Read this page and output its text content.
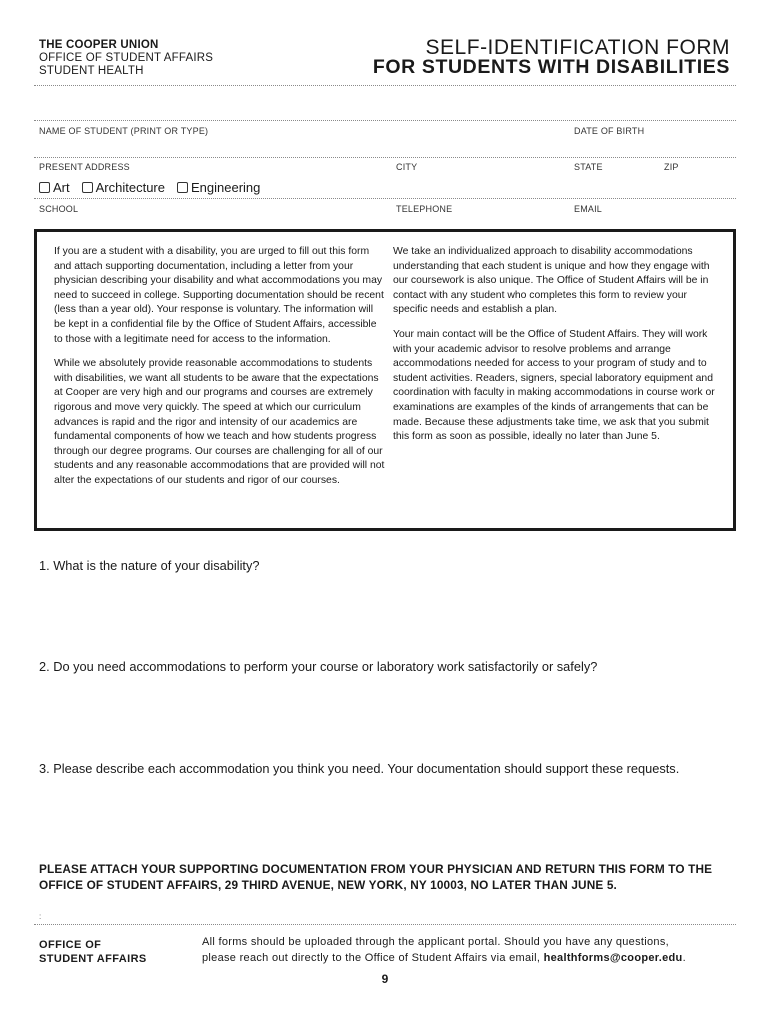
THE COOPER UNION
OFFICE OF STUDENT AFFAIRS
STUDENT HEALTH
SELF-IDENTIFICATION FORM
FOR STUDENTS WITH DISABILITIES
NAME OF STUDENT (PRINT OR TYPE)	DATE OF BIRTH
PRESENT ADDRESS	CITY	STATE	ZIP
Art Architecture Engineering
SCHOOL	TELEPHONE	EMAIL

If you are a student with a disability, you are urged to fill out this form and attach supporting documentation, including a letter from your physician describing your disability and what accommodations you may need to succeed in college. Supporting documentation should be recent (less than a year old). Your response is voluntary. The information will be kept in a confidential file by the Office of Student Affairs, accessible to those with a legitimate need for access to the information.

While we absolutely provide reasonable accommodations to students with disabilities, we want all students to be aware that the expectations at Cooper are very high and our programs and courses are extremely rigorous and move very quickly. The speed at which our curriculum advances is rapid and the rigor and intensity of our academics are fundamental components of how we teach and how students progress through our degree programs. Our courses are challenging for all of our students and any reasonable accommodations that are provided will not alter the expectations of our students and rigor of our courses.

We take an individualized approach to disability accommodations understanding that each student is unique and how they engage with our coursework is also unique. The Office of Student Affairs will be in contact with any student who completes this form to review your specific needs and establish a plan.

Your main contact will be the Office of Student Affairs. They will work with your academic advisor to resolve problems and arrange accommodations needed for access to your program of study and to student activities. Readers, signers, special laboratory equipment and coordination with faculty in making accommodations in course work or examinations are examples of the kinds of arrangements that can be made. Because these adjustments take time, we ask that you submit this form as soon as possible, ideally no later than June 5.

1. What is the nature of your disability?
2. Do you need accommodations to perform your course or laboratory work satisfactorily or safely?
3. Please describe each accommodation you think you need. Your documentation should support these requests.
PLEASE ATTACH YOUR SUPPORTING DOCUMENTATION FROM YOUR PHYSICIAN AND RETURN THIS FORM TO THE OFFICE OF STUDENT AFFAIRS, 29 THIRD AVENUE, NEW YORK, NY 10003, NO LATER THAN JUNE 5.
:
OFFICE OF
STUDENT AFFAIRS
All forms should be uploaded through the applicant portal. Should you have any questions,
please reach out directly to the Office of Student Affairs via email, healthforms@cooper.edu.
9
